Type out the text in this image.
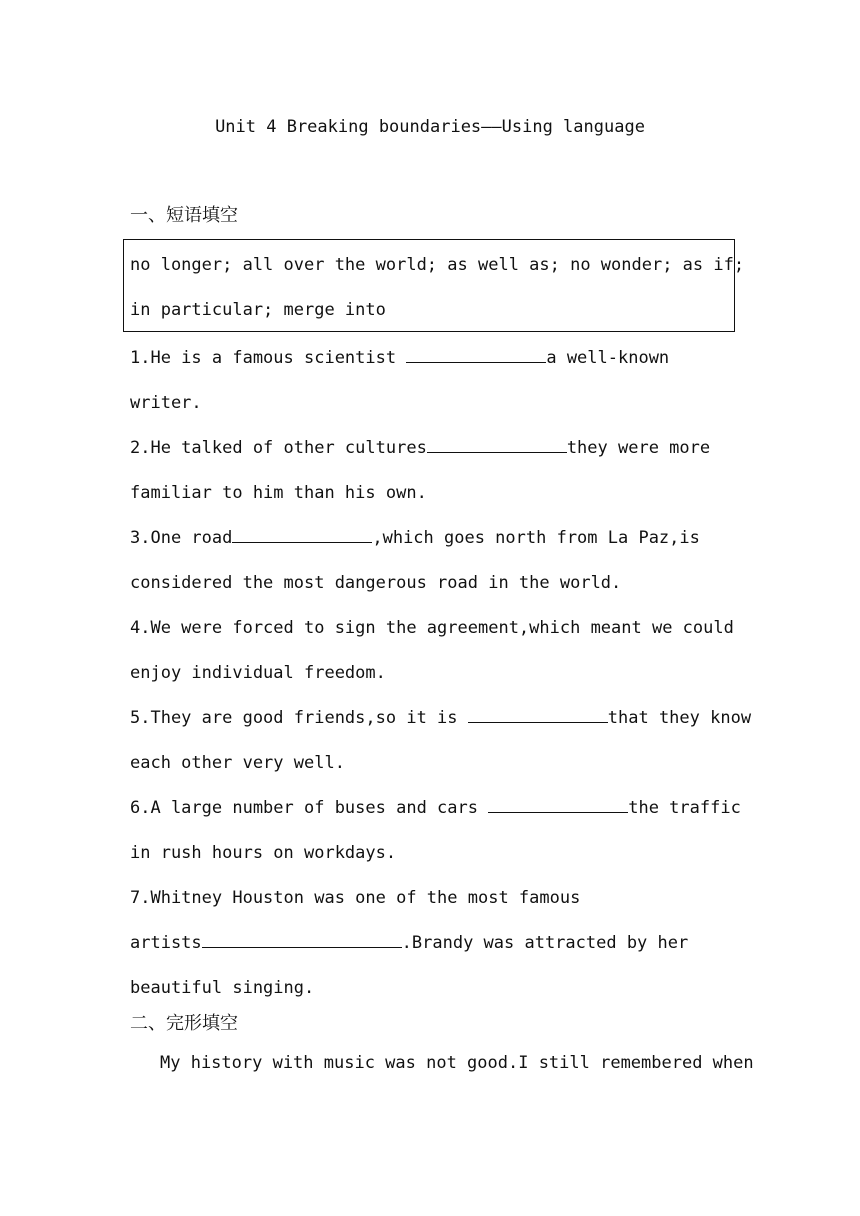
Unit 4 Breaking boundaries——Using language
一、短语填空
no longer; all over the world; as well as; no wonder; as if;
in particular; merge into
1.He is a famous scientist	a well-known
writer.
2.He talked of other cultures	they were more
familiar to him than his own.
3.One road	,which goes north from La Paz,is
considered the most dangerous road in the world.
4.We were forced to sign the agreement,which meant we could
enjoy individual freedom.
5.They are good friends,so it is	that they know
each other very well.
6.A large number of buses and cars	the traffic
in rush hours on workdays.
7.Whitney Houston was one of the most famous
artists	.Brandy was attracted by her
beautiful singing.
二、完形填空
My history with music was not good.I still remembered when
